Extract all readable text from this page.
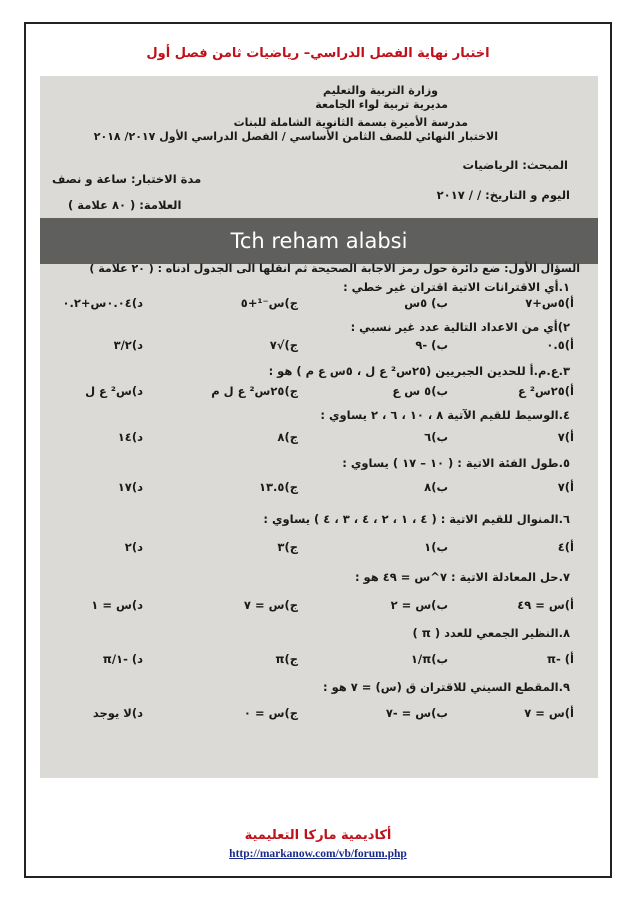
اختبار نهاية الفصل الدراسي– رياضيات ثامن فصل أول
وزارة التربية والتعليم
مديرية تربية لواء الجامعة
مدرسة الأميرة بسمة الثانوية الشاملة للبنات
الاختبار النهائي للصف الثامن الأساسي / الفصل الدراسي الأول ٢٠١٧/ ٢٠١٨
المبحث: الرياضيات
مدة الاختبار: ساعة و نصف
اليوم و التاريخ: / / ٢٠١٧
العلامة: ( ٨٠ علامة )
Tch reham alabsi
السؤال الأول: ضع دائرة حول رمز الاجابة الصحيحة ثم انقلها الى الجدول ادناه : ( ٢٠ علامة )
١.أي الاقترانات الاتية اقتران غير خطي :
أ)٥س+٧
ب) ٥س
ج)س⁻¹+٥
د)٠.٠٤س+٠.٢
٢)أي من الاعداد التالية عدد غير نسبي :
أ)٠.٥
ب) -٩
ج)√٧
د)٣/٢
٣.ع.م.أ للحدين الجبريين (٢٥س² ع ل ، ٥س ع م ) هو :
أ)٢٥س² ع
ب)٥ س ع
ج)٢٥س² ع ل م
د)س² ع ل
٤.الوسيط للقيم الآتية ٨ ، ١٠ ، ٦ ، ٢ يساوي :
أ)٧
ب)٦
ج)٨
د)١٤
٥.طول الفئة الاتية : ( ١٠ – ١٧ ) يساوي :
أ)٧
ب)٨
ج)١٣.٥
د)١٧
٦.المنوال للقيم الاتية : ( ٤ ، ١ ، ٢ ، ٤ ، ٣ ، ٤ ) يساوي :
أ)٤
ب)١
ج)٣
د)٢
٧.حل المعادلة الاتية : ٧^س = ٤٩ هو :
أ)س = ٤٩
ب)س = ٢
ج)س = ٧
د)س = ١
٨.النظير الجمعي للعدد ( π )
أ) -π
ب)π/١
ج)π
د) -١/π
٩.المقطع السيني للاقتران ق (س) = ٧ هو :
أ)س = ٧
ب)س = -٧
ج)س = ٠
د)لا يوجد
أكاديمية ماركا التعليمية
http://markanow.com/vb/forum.php
